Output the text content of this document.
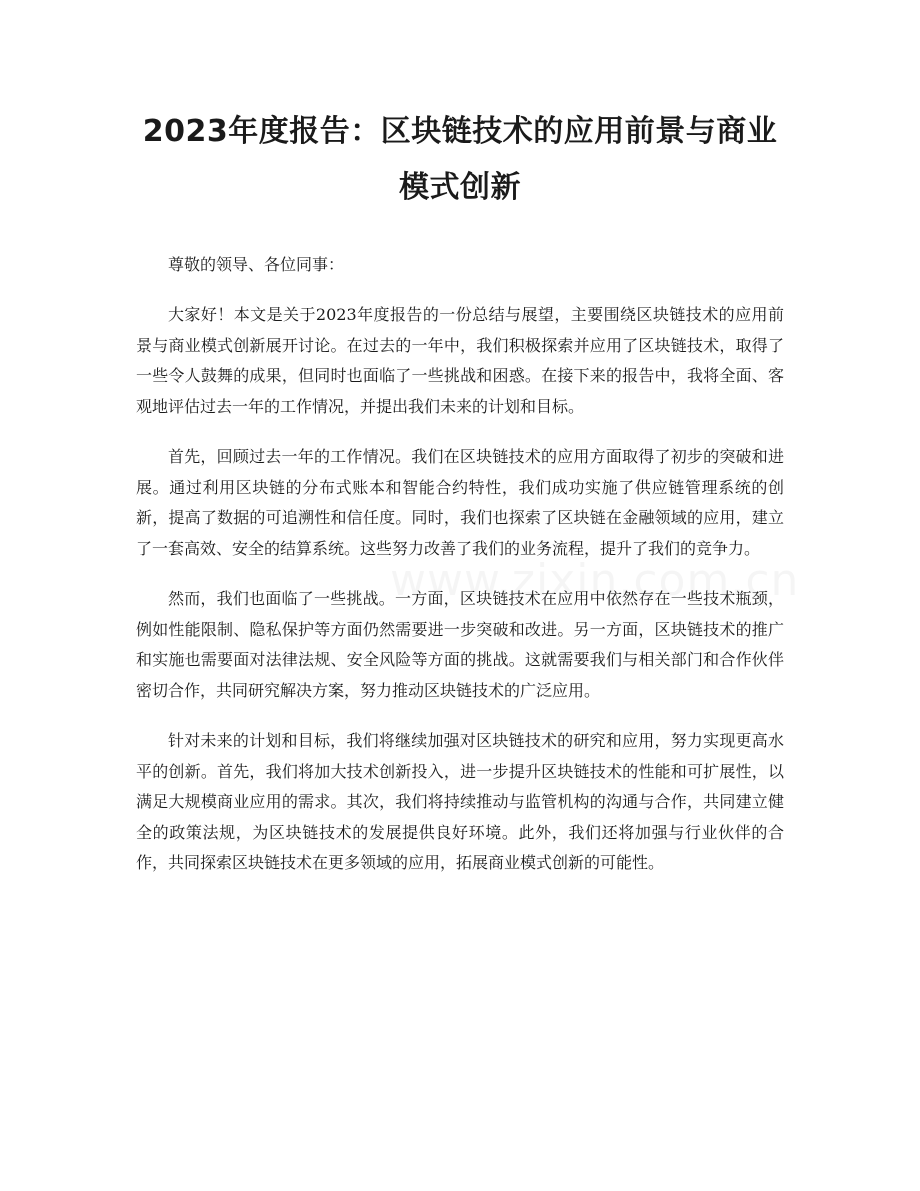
2023年度报告：区块链技术的应用前景与商业模式创新

尊敬的领导、各位同事：

大家好！本文是关于2023年度报告的一份总结与展望，主要围绕区块链技术的应用前景与商业模式创新展开讨论。在过去的一年中，我们积极探索并应用了区块链技术，取得了一些令人鼓舞的成果，但同时也面临了一些挑战和困惑。在接下来的报告中，我将全面、客观地评估过去一年的工作情况，并提出我们未来的计划和目标。

首先，回顾过去一年的工作情况。我们在区块链技术的应用方面取得了初步的突破和进展。通过利用区块链的分布式账本和智能合约特性，我们成功实施了供应链管理系统的创新，提高了数据的可追溯性和信任度。同时，我们也探索了区块链在金融领域的应用，建立了一套高效、安全的结算系统。这些努力改善了我们的业务流程，提升了我们的竞争力。

然而，我们也面临了一些挑战。一方面，区块链技术在应用中依然存在一些技术瓶颈，例如性能限制、隐私保护等方面仍然需要进一步突破和改进。另一方面，区块链技术的推广和实施也需要面对法律法规、安全风险等方面的挑战。这就需要我们与相关部门和合作伙伴密切合作，共同研究解决方案，努力推动区块链技术的广泛应用。

针对未来的计划和目标，我们将继续加强对区块链技术的研究和应用，努力实现更高水平的创新。首先，我们将加大技术创新投入，进一步提升区块链技术的性能和可扩展性，以满足大规模商业应用的需求。其次，我们将持续推动与监管机构的沟通与合作，共同建立健全的政策法规，为区块链技术的发展提供良好环境。此外，我们还将加强与行业伙伴的合作，共同探索区块链技术在更多领域的应用，拓展商业模式创新的可能性。
